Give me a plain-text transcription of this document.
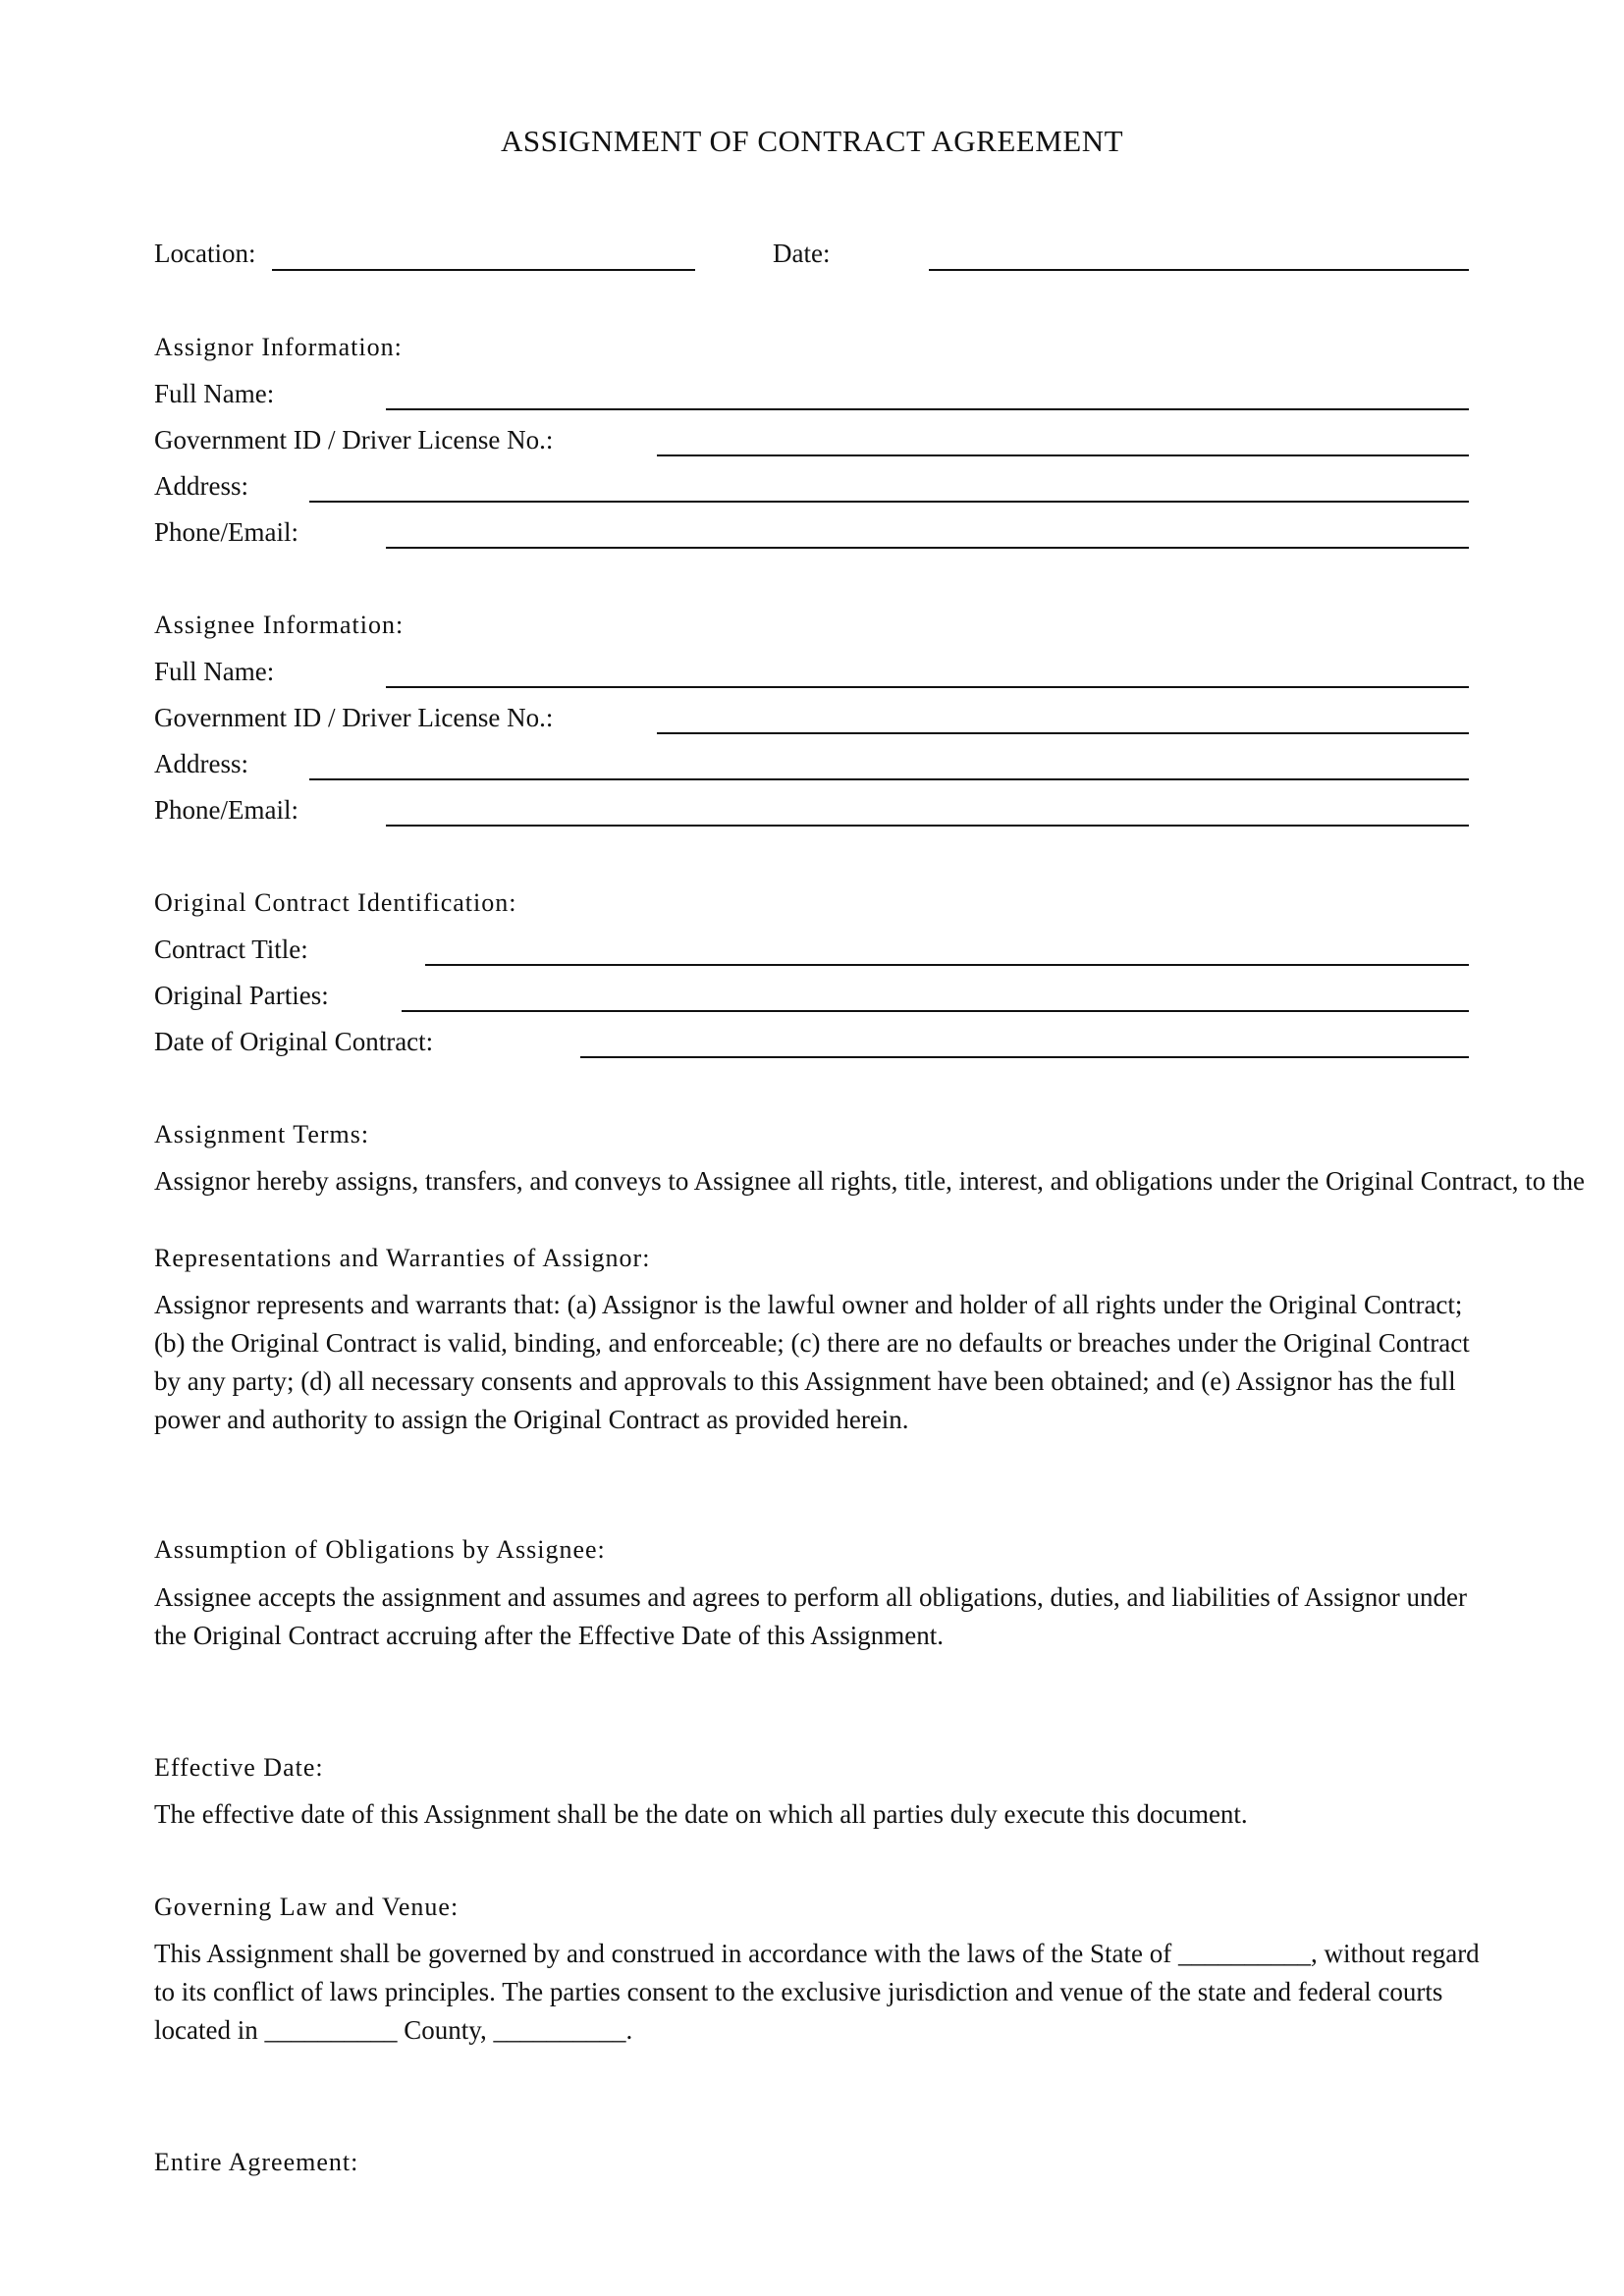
ASSIGNMENT OF CONTRACT AGREEMENT
Location:	Date:
Assignor Information:
Full Name:
Government ID / Driver License No.:
Address:
Phone/Email:
Assignee Information:
Full Name:
Government ID / Driver License No.:
Address:
Phone/Email:
Original Contract Identification:
Contract Title:
Original Parties:
Date of Original Contract:
Assignment Terms:
Assignor hereby assigns, transfers, and conveys to Assignee all rights, title, interest, and obligations under the Original Contract, to the
Representations and Warranties of Assignor:
Assignor represents and warrants that: (a) Assignor is the lawful owner and holder of all rights under the Original Contract; (b) the Original Contract is valid, binding, and enforceable; (c) there are no defaults or breaches under the Original Contract by any party; (d) all necessary consents and approvals to this Assignment have been obtained; and (e) Assignor has the full power and authority to assign the Original Contract as provided herein.
Assumption of Obligations by Assignee:
Assignee accepts the assignment and assumes and agrees to perform all obligations, duties, and liabilities of Assignor under the Original Contract accruing after the Effective Date of this Assignment.
Effective Date:
The effective date of this Assignment shall be the date on which all parties duly execute this document.
Governing Law and Venue:
This Assignment shall be governed by and construed in accordance with the laws of the State of __________, without regard to its conflict of laws principles. The parties consent to the exclusive jurisdiction and venue of the state and federal courts located in __________ County, __________.
Entire Agreement:
